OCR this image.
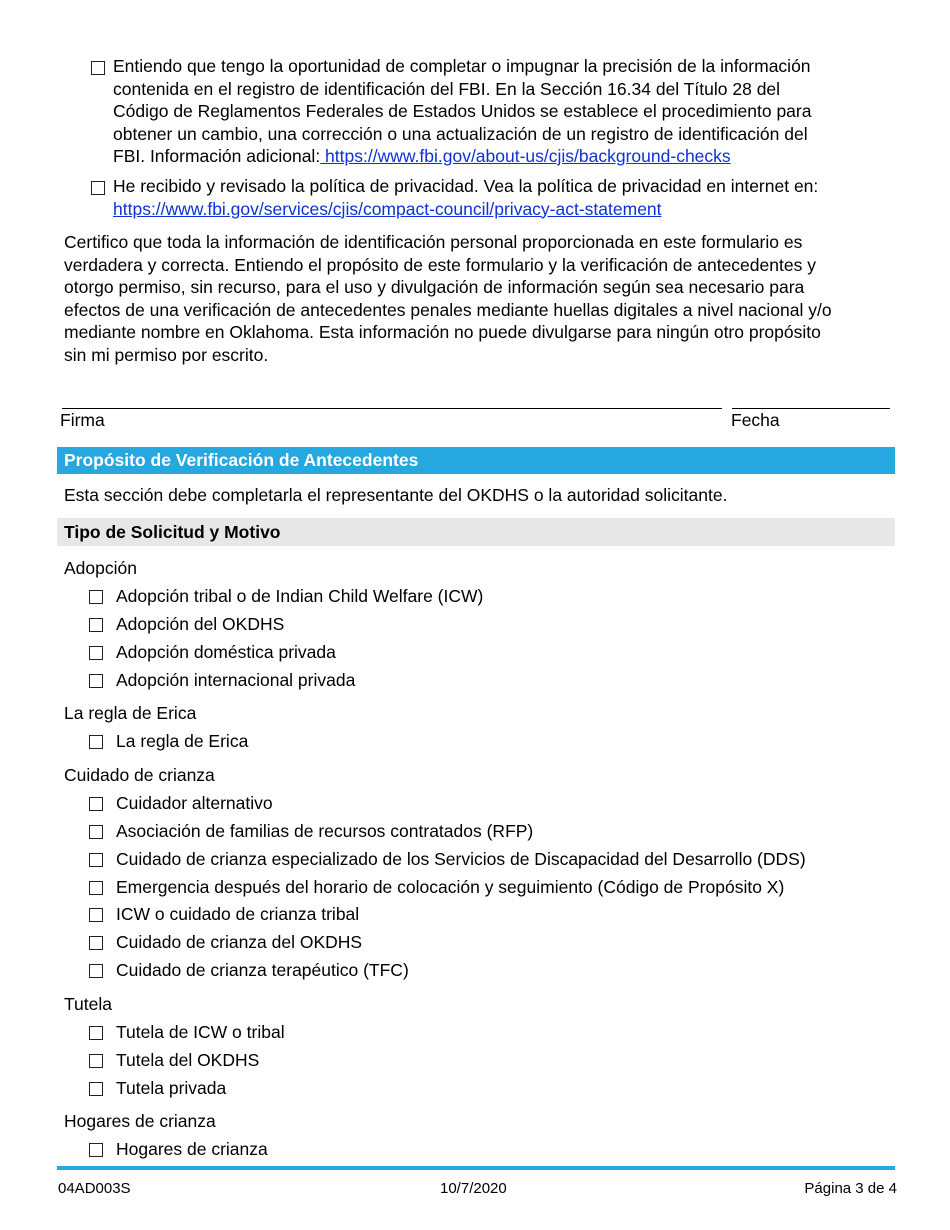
Entiendo que tengo la oportunidad de completar o impugnar la precisión de la información
contenida en el registro de identificación del FBI. En la Sección 16.34 del Título 28 del
Código de Reglamentos Federales de Estados Unidos se establece el procedimiento para
obtener un cambio, una corrección o una actualización de un registro de identificación del
FBI. Información adicional: https://www.fbi.gov/about-us/cjis/background-checks
He recibido y revisado la política de privacidad. Vea la política de privacidad en internet en:
https://www.fbi.gov/services/cjis/compact-council/privacy-act-statement
Certifico que toda la información de identificación personal proporcionada en este formulario es
verdadera y correcta. Entiendo el propósito de este formulario y la verificación de antecedentes y
otorgo permiso, sin recurso, para el uso y divulgación de información según sea necesario para
efectos de una verificación de antecedentes penales mediante huellas digitales a nivel nacional y/o
mediante nombre en Oklahoma. Esta información no puede divulgarse para ningún otro propósito
sin mi permiso por escrito.
Firma	Fecha
Propósito de Verificación de Antecedentes
Esta sección debe completarla el representante del OKDHS o la autoridad solicitante.
Tipo de Solicitud y Motivo
Adopción
Adopción tribal o de Indian Child Welfare (ICW)
Adopción del OKDHS
Adopción doméstica privada
Adopción internacional privada
La regla de Erica
La regla de Erica
Cuidado de crianza
Cuidador alternativo
Asociación de familias de recursos contratados (RFP)
Cuidado de crianza especializado de los Servicios de Discapacidad del Desarrollo (DDS)
Emergencia después del horario de colocación y seguimiento (Código de Propósito X)
ICW o cuidado de crianza tribal
Cuidado de crianza del OKDHS
Cuidado de crianza terapéutico (TFC)
Tutela
Tutela de ICW o tribal
Tutela del OKDHS
Tutela privada
Hogares de crianza
Hogares de crianza
04AD003S	10/7/2020	Página 3 de 4
